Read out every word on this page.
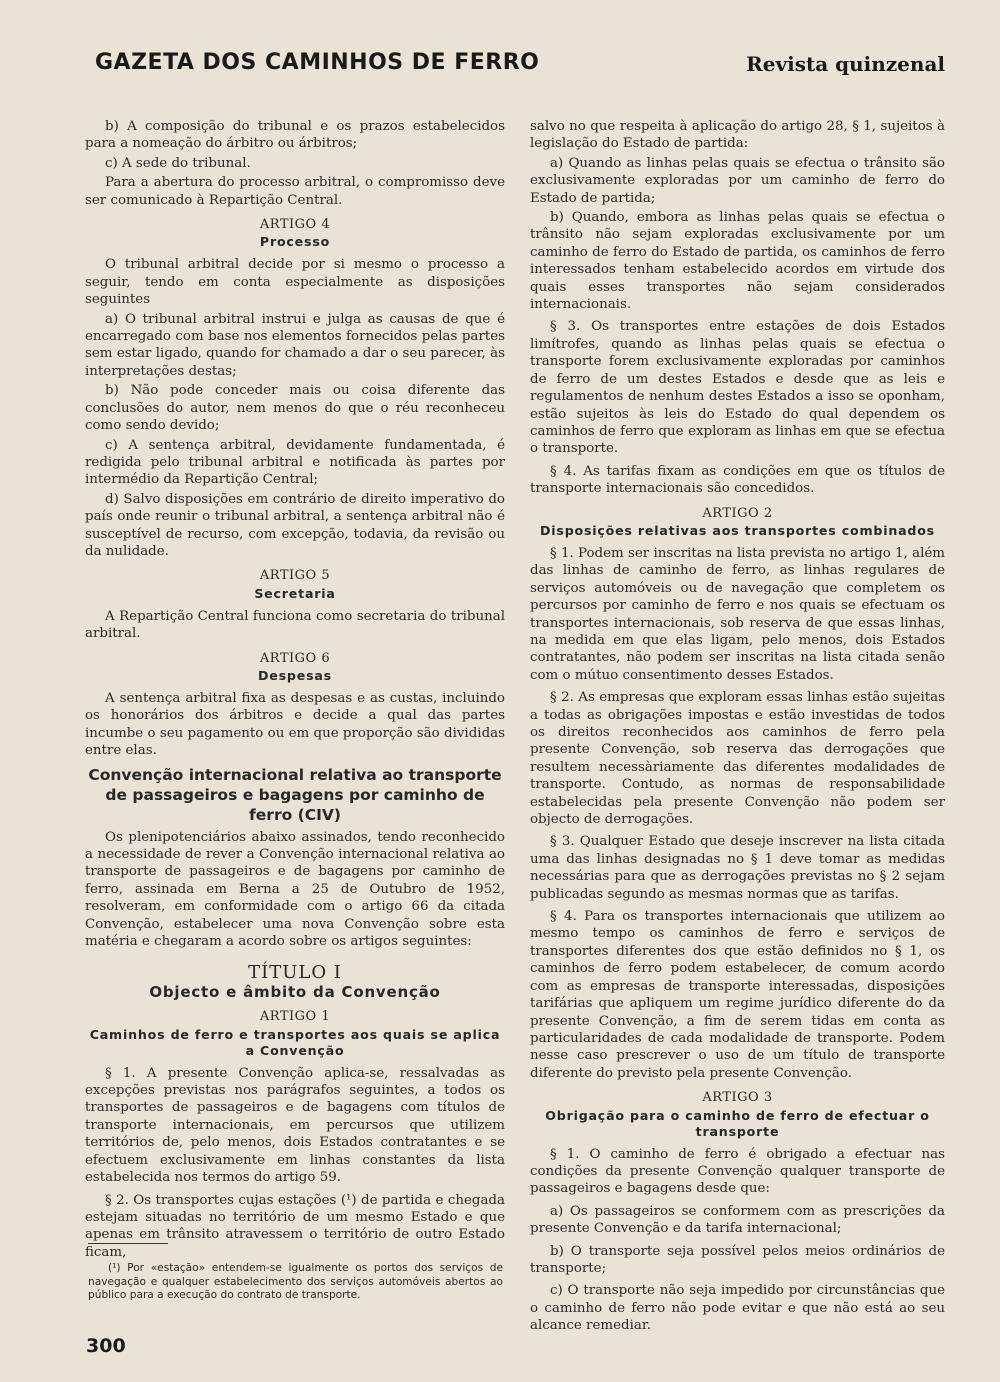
GAZETA DOS CAMINHOS DE FERRO	Revista quinzenal

b) A composição do tribunal e os prazos estabelecidos para a nomeação do árbitro ou árbitros;

c) A sede do tribunal.

Para a abertura do processo arbitral, o compromisso deve ser comunicado à Repartição Central.

ARTIGO 4
Processo

O tribunal arbitral decide por si mesmo o processo a seguir, tendo em conta especialmente as disposições seguintes

a) O tribunal arbitral instrui e julga as causas de que é encarregado com base nos elementos fornecidos pelas partes sem estar ligado, quando for chamado a dar o seu parecer, às interpretações destas;

b) Não pode conceder mais ou coisa diferente das conclusões do autor, nem menos do que o réu reconheceu como sendo devido;

c) A sentença arbitral, devidamente fundamentada, é redigida pelo tribunal arbitral e notificada às partes por intermédio da Repartição Central;

d) Salvo disposições em contrário de direito imperativo do país onde reunir o tribunal arbitral, a sentença arbitral não é susceptível de recurso, com excepção, todavia, da revisão ou da nulidade.

ARTIGO 5
Secretaria

A Repartição Central funciona como secretaria do tribunal arbitral.

ARTIGO 6
Despesas

A sentença arbitral fixa as despesas e as custas, incluindo os honorários dos árbitros e decide a qual das partes incumbe o seu pagamento ou em que proporção são divididas entre elas.

Convenção internacional relativa ao transporte
de passageiros e bagagens por caminho de ferro (CIV)

Os plenipotenciários abaixo assinados, tendo reconhecido a necessidade de rever a Convenção internacional relativa ao transporte de passageiros e de bagagens por caminho de ferro, assinada em Berna a 25 de Outubro de 1952, resolveram, em conformidade com o artigo 66 da citada Convenção, estabelecer uma nova Convenção sobre esta matéria e chegaram a acordo sobre os artigos seguintes:

TÍTULO I
Objecto e âmbito da Convenção
ARTIGO 1
Caminhos de ferro e transportes aos quais se aplica a Convenção

§ 1. A presente Convenção aplica-se, ressalvadas as excepções previstas nos parágrafos seguintes, a todos os transportes de passageiros e de bagagens com títulos de transporte internacionais, em percursos que utilizem territórios de, pelo menos, dois Estados contratantes e se efectuem exclusivamente em linhas constantes da lista estabelecida nos termos do artigo 59.

§ 2. Os transportes cujas estações (¹) de partida e chegada estejam situadas no território de um mesmo Estado e que apenas em trânsito atravessem o território de outro Estado ficam,

(¹) Por «estação» entendem-se igualmente os portos dos serviços de navegação e qualquer estabelecimento dos serviços automóveis abertos ao público para a execução do contrato de transporte.

salvo no que respeita à aplicação do artigo 28, § 1, sujeitos à legislação do Estado de partida:

a) Quando as linhas pelas quais se efectua o trânsito são exclusivamente exploradas por um caminho de ferro do Estado de partida;

b) Quando, embora as linhas pelas quais se efectua o trânsito não sejam exploradas exclusivamente por um caminho de ferro do Estado de partida, os caminhos de ferro interessados tenham estabelecido acordos em virtude dos quais esses transportes não sejam considerados internacionais.

§ 3. Os transportes entre estações de dois Estados limítrofes, quando as linhas pelas quais se efectua o transporte forem exclusivamente exploradas por caminhos de ferro de um destes Estados e desde que as leis e regulamentos de nenhum destes Estados a isso se oponham, estão sujeitos às leis do Estado do qual dependem os caminhos de ferro que exploram as linhas em que se efectua o transporte.

§ 4. As tarifas fixam as condições em que os títulos de transporte internacionais são concedidos.

ARTIGO 2
Disposições relativas aos transportes combinados

§ 1. Podem ser inscritas na lista prevista no artigo 1, além das linhas de caminho de ferro, as linhas regulares de serviços automóveis ou de navegação que completem os percursos por caminho de ferro e nos quais se efectuam os transportes internacionais, sob reserva de que essas linhas, na medida em que elas ligam, pelo menos, dois Estados contratantes, não podem ser inscritas na lista citada senão com o mútuo consentimento desses Estados.

§ 2. As empresas que exploram essas linhas estão sujeitas a todas as obrigações impostas e estão investidas de todos os direitos reconhecidos aos caminhos de ferro pela presente Convenção, sob reserva das derrogações que resultem necessàriamente das diferentes modalidades de transporte. Contudo, as normas de responsabilidade estabelecidas pela presente Convenção não podem ser objecto de derrogações.

§ 3. Qualquer Estado que deseje inscrever na lista citada uma das linhas designadas no § 1 deve tomar as medidas necessárias para que as derrogações previstas no § 2 sejam publicadas segundo as mesmas normas que as tarifas.

§ 4. Para os transportes internacionais que utilizem ao mesmo tempo os caminhos de ferro e serviços de transportes diferentes dos que estão definidos no § 1, os caminhos de ferro podem estabelecer, de comum acordo com as empresas de transporte interessadas, disposições tarifárias que apliquem um regime jurídico diferente do da presente Convenção, a fim de serem tidas em conta as particularidades de cada modalidade de transporte. Podem nesse caso prescrever o uso de um título de transporte diferente do previsto pela presente Convenção.

ARTIGO 3
Obrigação para o caminho de ferro de efectuar o transporte

§ 1. O caminho de ferro é obrigado a efectuar nas condições da presente Convenção qualquer transporte de passageiros e bagagens desde que:

a) Os passageiros se conformem com as prescrições da presente Convenção e da tarifa internacional;

b) O transporte seja possível pelos meios ordinários de transporte;

c) O transporte não seja impedido por circunstâncias que o caminho de ferro não pode evitar e que não está ao seu alcance remediar.

300
